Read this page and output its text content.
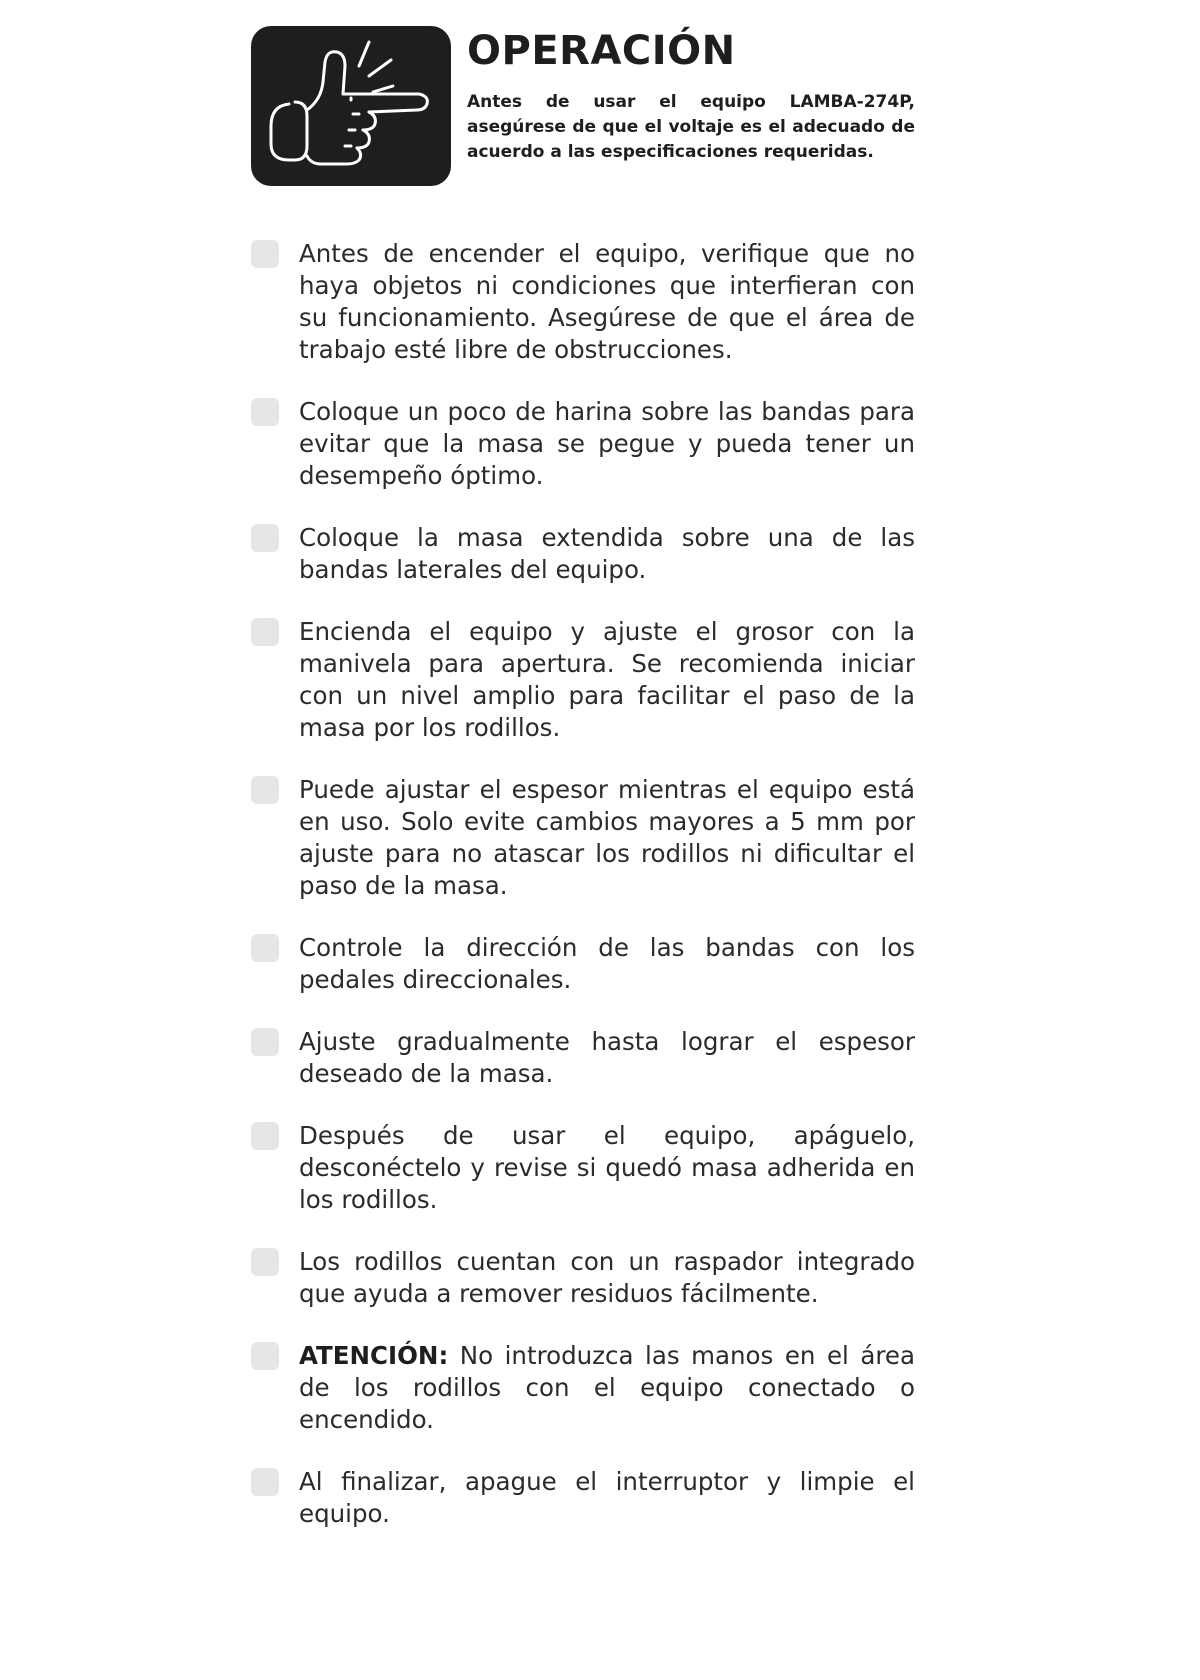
OPERACIÓN

Antes de usar el equipo LAMBA-274P, asegúrese de que el voltaje es el adecuado de acuerdo a las especificaciones requeridas.

Antes de encender el equipo, verifique que no haya objetos ni condiciones que interfieran con su funcionamiento. Asegúrese de que el área de trabajo esté libre de obstrucciones.
Coloque un poco de harina sobre las bandas para evitar que la masa se pegue y pueda tener un desempeño óptimo.
Coloque la masa extendida sobre una de las bandas laterales del equipo.
Encienda el equipo y ajuste el grosor con la manivela para apertura. Se recomienda iniciar con un nivel amplio para facilitar el paso de la masa por los rodillos.
Puede ajustar el espesor mientras el equipo está en uso. Solo evite cambios mayores a 5 mm por ajuste para no atascar los rodillos ni dificultar el paso de la masa.
Controle la dirección de las bandas con los pedales direccionales.
Ajuste gradualmente hasta lograr el espesor deseado de la masa.
Después de usar el equipo, apáguelo, desconéctelo y revise si quedó masa adherida en los rodillos.
Los rodillos cuentan con un raspador integrado que ayuda a remover residuos fácilmente.
ATENCIÓN: No introduzca las manos en el área de los rodillos con el equipo conectado o encendido.
Al finalizar, apague el interruptor y limpie el equipo.
